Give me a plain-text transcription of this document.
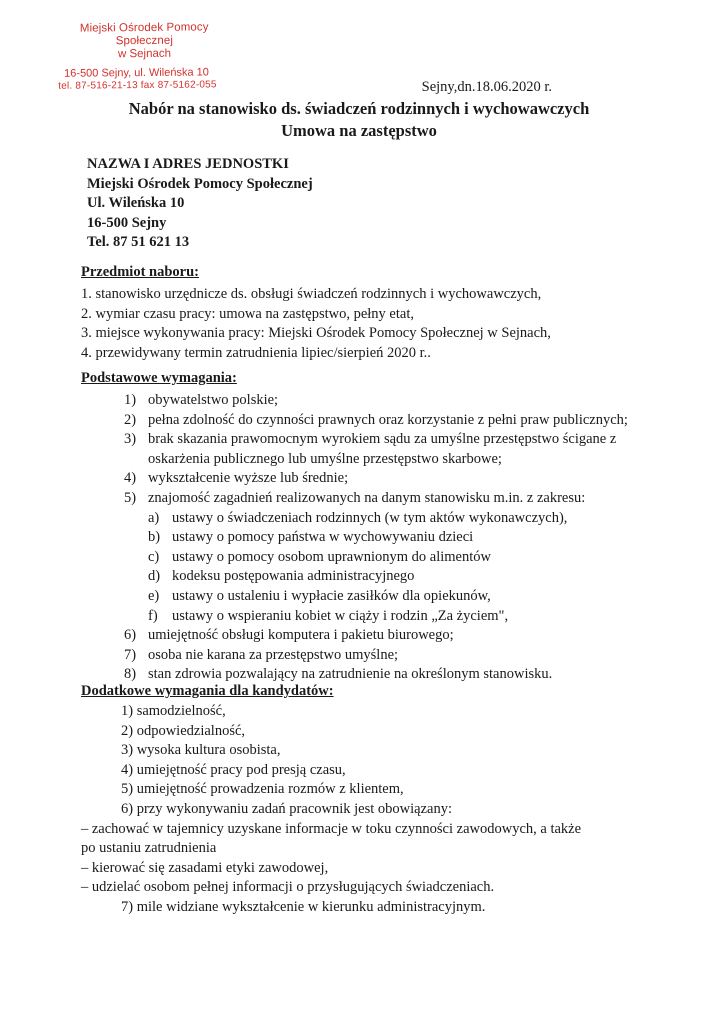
Miejski Ośrodek Pomocy Społecznej
w Sejnach
16-500 Sejny, ul. Wileńska 10
tel. 87-516-21-13 fax 87-5162-055	Sejny,dn.18.06.2020 r.
Nabór na stanowisko ds. świadczeń rodzinnych i wychowawczych
Umowa na zastępstwo
NAZWA I ADRES JEDNOSTKI
Miejski Ośrodek Pomocy Społecznej
Ul. Wileńska 10
16-500 Sejny
Tel. 87 51 621 13
Przedmiot naboru:
1. stanowisko urzędnicze ds. obsługi świadczeń rodzinnych i wychowawczych,
2. wymiar czasu pracy: umowa na zastępstwo, pełny etat,
3. miejsce wykonywania pracy: Miejski Ośrodek Pomocy Społecznej w Sejnach,
4. przewidywany termin zatrudnienia lipiec/sierpień 2020 r..
Podstawowe wymagania:
1) obywatelstwo polskie;
2) pełna zdolność do czynności prawnych oraz korzystanie z pełni praw publicznych;
3) brak skazania prawomocnym wyrokiem sądu za umyślne przestępstwo ścigane z
oskarżenia publicznego lub umyślne przestępstwo skarbowe;
4) wykształcenie wyższe lub średnie;
5) znajomość zagadnień realizowanych na danym stanowisku m.in. z zakresu:
a) ustawy o świadczeniach rodzinnych (w tym aktów wykonawczych),
b) ustawy o pomocy państwa w wychowywaniu dzieci
c) ustawy o pomocy osobom uprawnionym do alimentów
d) kodeksu postępowania administracyjnego
e) ustawy o ustaleniu i wypłacie zasiłków dla opiekunów,
f) ustawy o wspieraniu kobiet w ciąży i rodzin „Za życiem",
6) umiejętność obsługi komputera i pakietu biurowego;
7) osoba nie karana za przestępstwo umyślne;
8) stan zdrowia pozwalający na zatrudnienie na określonym stanowisku.
Dodatkowe wymagania dla kandydatów:
1) samodzielność,
2) odpowiedzialność,
3) wysoka kultura osobista,
4) umiejętność pracy pod presją czasu,
5) umiejętność prowadzenia rozmów z klientem,
6) przy wykonywaniu zadań pracownik jest obowiązany:
– zachować w tajemnicy uzyskane informacje w toku czynności zawodowych, a także
po ustaniu zatrudnienia
– kierować się zasadami etyki zawodowej,
– udzielać osobom pełnej informacji o przysługujących świadczeniach.
7) mile widziane wykształcenie w kierunku administracyjnym.
